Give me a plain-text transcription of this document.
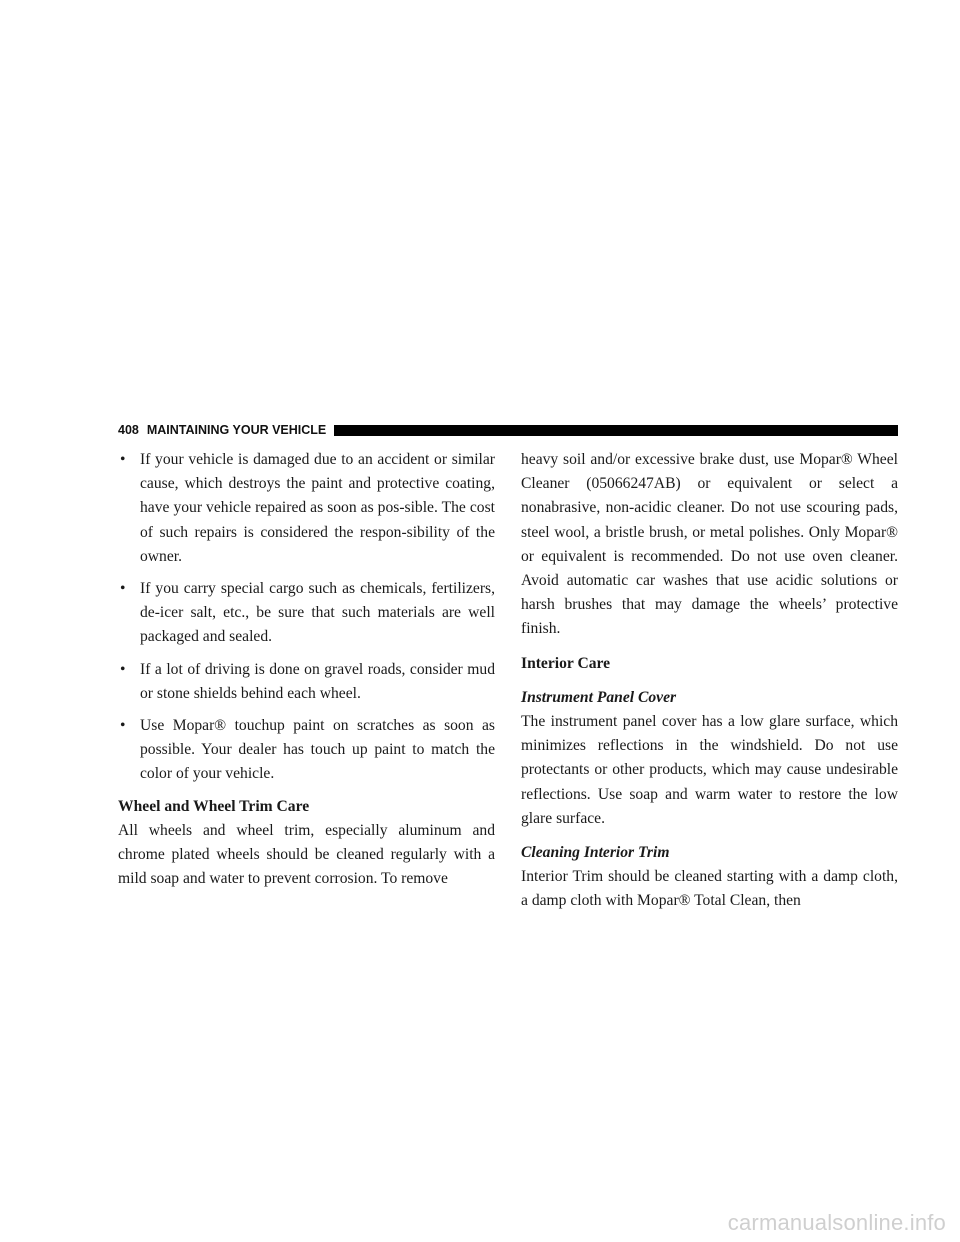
408 MAINTAINING YOUR VEHICLE
• If your vehicle is damaged due to an accident or similar cause, which destroys the paint and protective coating, have your vehicle repaired as soon as pos-sible. The cost of such repairs is considered the respon-sibility of the owner.

• If you carry special cargo such as chemicals, fertilizers, de-icer salt, etc., be sure that such materials are well packaged and sealed.

• If a lot of driving is done on gravel roads, consider mud or stone shields behind each wheel.

• Use Mopar® touchup paint on scratches as soon as possible. Your dealer has touch up paint to match the color of your vehicle.

Wheel and Wheel Trim Care

All wheels and wheel trim, especially aluminum and chrome plated wheels should be cleaned regularly with a mild soap and water to prevent corrosion. To remove

heavy soil and/or excessive brake dust, use Mopar® Wheel Cleaner (05066247AB) or equivalent or select a nonabrasive, non-acidic cleaner. Do not use scouring pads, steel wool, a bristle brush, or metal polishes. Only Mopar® or equivalent is recommended. Do not use oven cleaner. Avoid automatic car washes that use acidic solutions or harsh brushes that may damage the wheels’ protective finish.

Interior Care

Instrument Panel Cover

The instrument panel cover has a low glare surface, which minimizes reflections in the windshield. Do not use protectants or other products, which may cause undesirable reflections. Use soap and warm water to restore the low glare surface.

Cleaning Interior Trim

Interior Trim should be cleaned starting with a damp cloth, a damp cloth with Mopar® Total Clean, then

carmanualsonline.info
